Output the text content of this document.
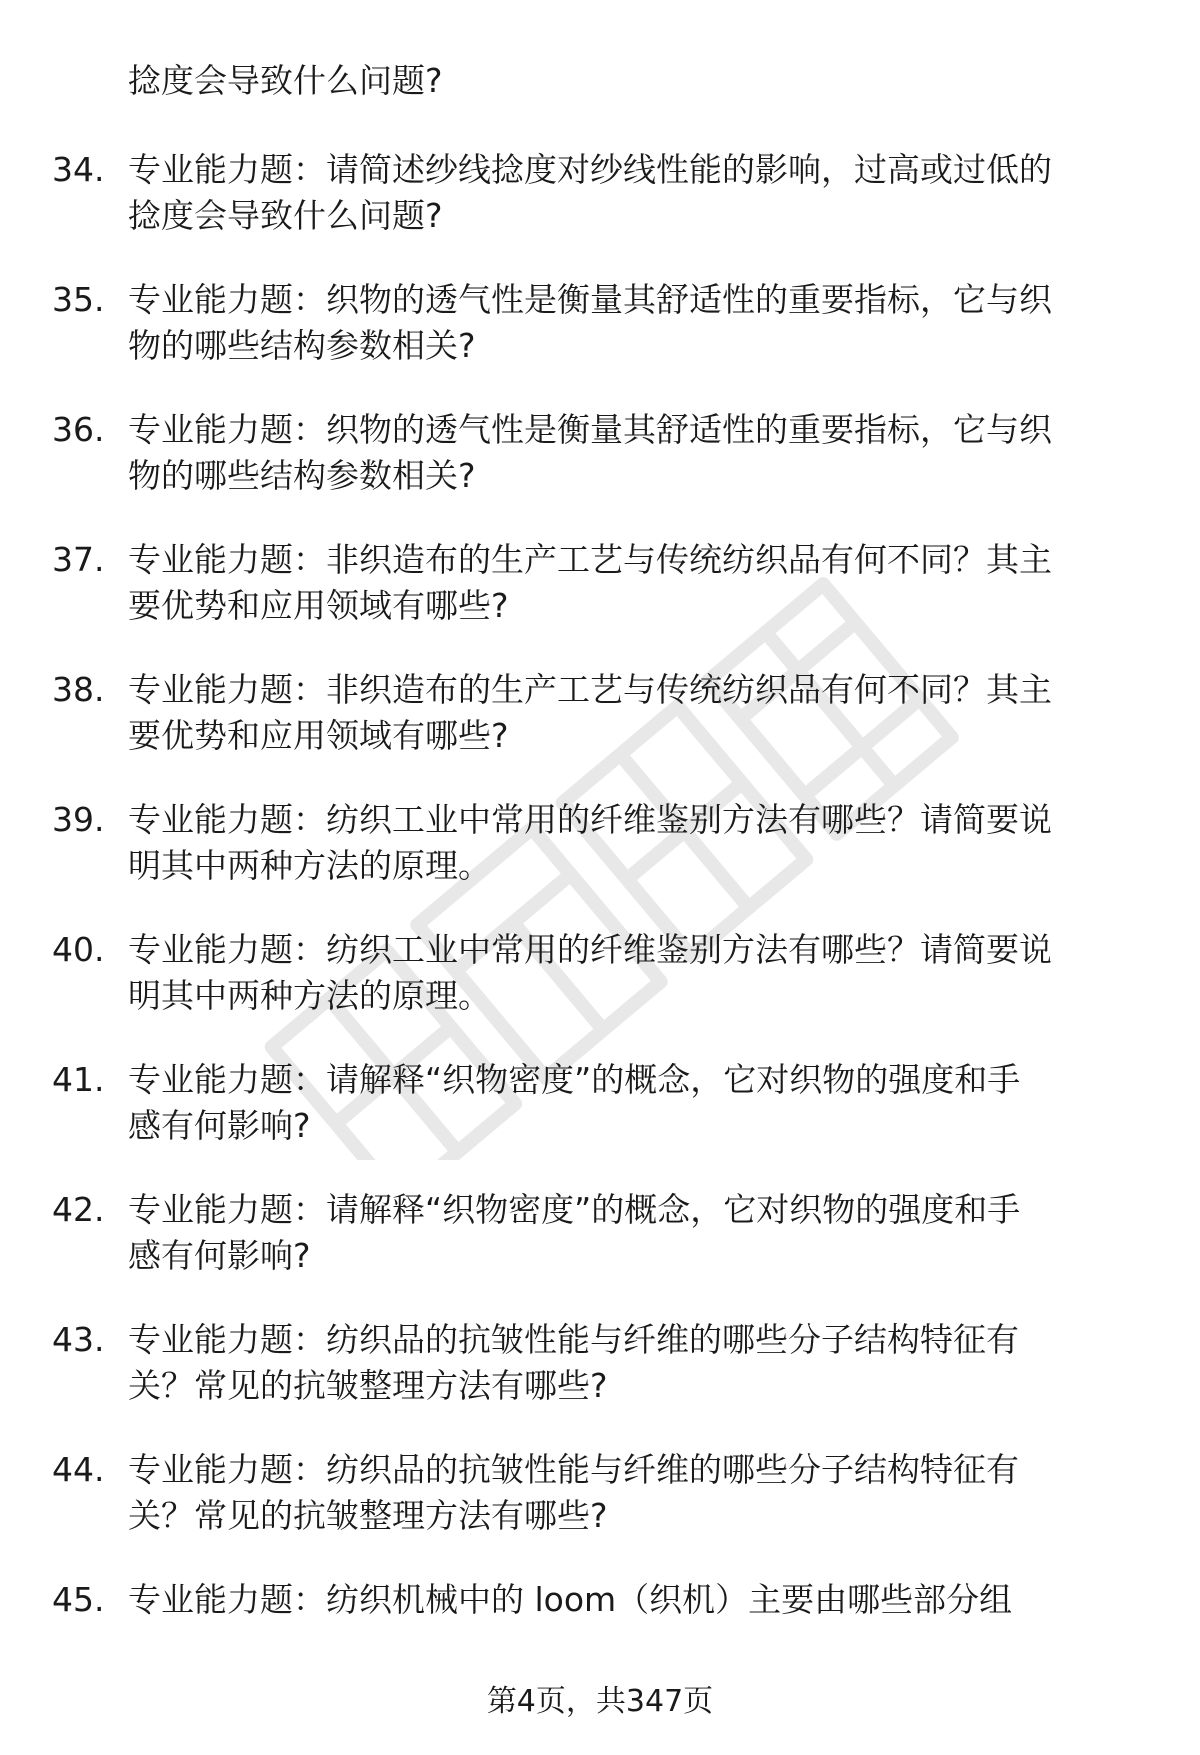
捻度会导致什么问题?
34. 专业能力题：请简述纱线捻度对纱线性能的影响，过高或过低的
捻度会导致什么问题?
35. 专业能力题：织物的透气性是衡量其舒适性的重要指标，它与织
物的哪些结构参数相关?
36. 专业能力题：织物的透气性是衡量其舒适性的重要指标，它与织
物的哪些结构参数相关?
37. 专业能力题：非织造布的生产工艺与传统纺织品有何不同？其主
要优势和应用领域有哪些?
38. 专业能力题：非织造布的生产工艺与传统纺织品有何不同？其主
要优势和应用领域有哪些?
39. 专业能力题：纺织工业中常用的纤维鉴别方法有哪些？请简要说
明其中两种方法的原理。
40. 专业能力题：纺织工业中常用的纤维鉴别方法有哪些？请简要说
明其中两种方法的原理。
41. 专业能力题：请解释“织物密度”的概念，它对织物的强度和手
感有何影响?
42. 专业能力题：请解释“织物密度”的概念，它对织物的强度和手
感有何影响?
43. 专业能力题：纺织品的抗皱性能与纤维的哪些分子结构特征有
关？常见的抗皱整理方法有哪些?
44. 专业能力题：纺织品的抗皱性能与纤维的哪些分子结构特征有
关？常见的抗皱整理方法有哪些?
45. 专业能力题：纺织机械中的 loom（织机）主要由哪些部分组
第4页，共347页
